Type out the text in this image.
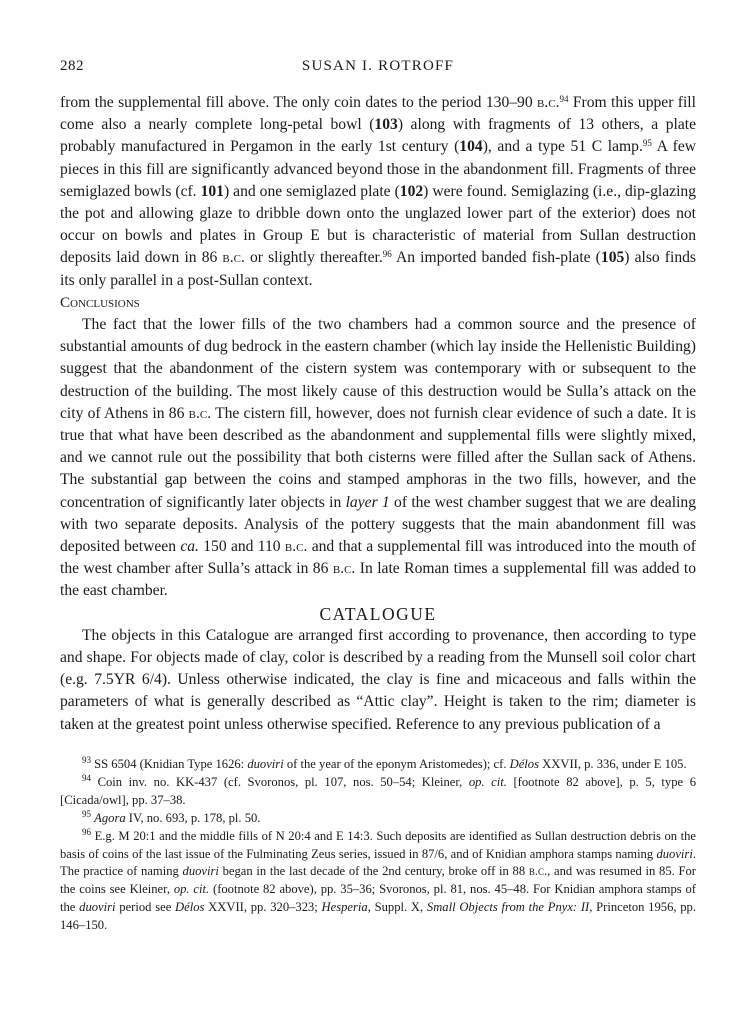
282	SUSAN I. ROTROFF

from the supplemental fill above. The only coin dates to the period 130–90 b.c.$^{94}$ From this upper fill come also a nearly complete long-petal bowl (103) along with fragments of 13 others, a plate probably manufactured in Pergamon in the early 1st century (104), and a type 51 C lamp.$^{95}$ A few pieces in this fill are significantly advanced beyond those in the abandonment fill. Fragments of three semiglazed bowls (cf. 101) and one semiglazed plate (102) were found. Semiglazing (i.e., dip-glazing the pot and allowing glaze to dribble down onto the unglazed lower part of the exterior) does not occur on bowls and plates in Group E but is characteristic of material from Sullan destruction deposits laid down in 86 b.c. or slightly thereafter.$^{96}$ An imported banded fish-plate (105) also finds its only parallel in a post-Sullan context.

Conclusions

The fact that the lower fills of the two chambers had a common source and the presence of substantial amounts of dug bedrock in the eastern chamber (which lay inside the Hellenistic Building) suggest that the abandonment of the cistern system was contemporary with or subsequent to the destruction of the building. The most likely cause of this destruction would be Sulla’s attack on the city of Athens in 86 b.c. The cistern fill, however, does not furnish clear evidence of such a date. It is true that what have been described as the abandonment and supplemental fills were slightly mixed, and we cannot rule out the possibility that both cisterns were filled after the Sullan sack of Athens. The substantial gap between the coins and stamped amphoras in the two fills, however, and the concentration of significantly later objects in layer 1 of the west chamber suggest that we are dealing with two separate deposits. Analysis of the pottery suggests that the main abandonment fill was deposited between ca. 150 and 110 b.c. and that a supplemental fill was introduced into the mouth of the west chamber after Sulla’s attack in 86 b.c. In late Roman times a supplemental fill was added to the east chamber.

CATALOGUE

The objects in this Catalogue are arranged first according to provenance, then according to type and shape. For objects made of clay, color is described by a reading from the Munsell soil color chart (e.g. 7.5YR 6/4). Unless otherwise indicated, the clay is fine and micaceous and falls within the parameters of what is generally described as “Attic clay”. Height is taken to the rim; diameter is taken at the greatest point unless otherwise specified. Reference to any previous publication of a

$^{93}$ SS 6504 (Knidian Type 1626: duoviri of the year of the eponym Aristomedes); cf. Délos XXVII, p. 336, under E 105.

$^{94}$ Coin inv. no. KK-437 (cf. Svoronos, pl. 107, nos. 50–54; Kleiner, op. cit. [footnote 82 above], p. 5, type 6 [Cicada/owl], pp. 37–38.

$^{95}$ Agora IV, no. 693, p. 178, pl. 50.

$^{96}$ E.g. M 20:1 and the middle fills of N 20:4 and E 14:3. Such deposits are identified as Sullan destruction debris on the basis of coins of the last issue of the Fulminating Zeus series, issued in 87/6, and of Knidian amphora stamps naming duoviri. The practice of naming duoviri began in the last decade of the 2nd century, broke off in 88 b.c., and was resumed in 85. For the coins see Kleiner, op. cit. (footnote 82 above), pp. 35–36; Svoronos, pl. 81, nos. 45–48. For Knidian amphora stamps of the duoviri period see Délos XXVII, pp. 320–323; Hesperia, Suppl. X, Small Objects from the Pnyx: II, Princeton 1956, pp. 146–150.
